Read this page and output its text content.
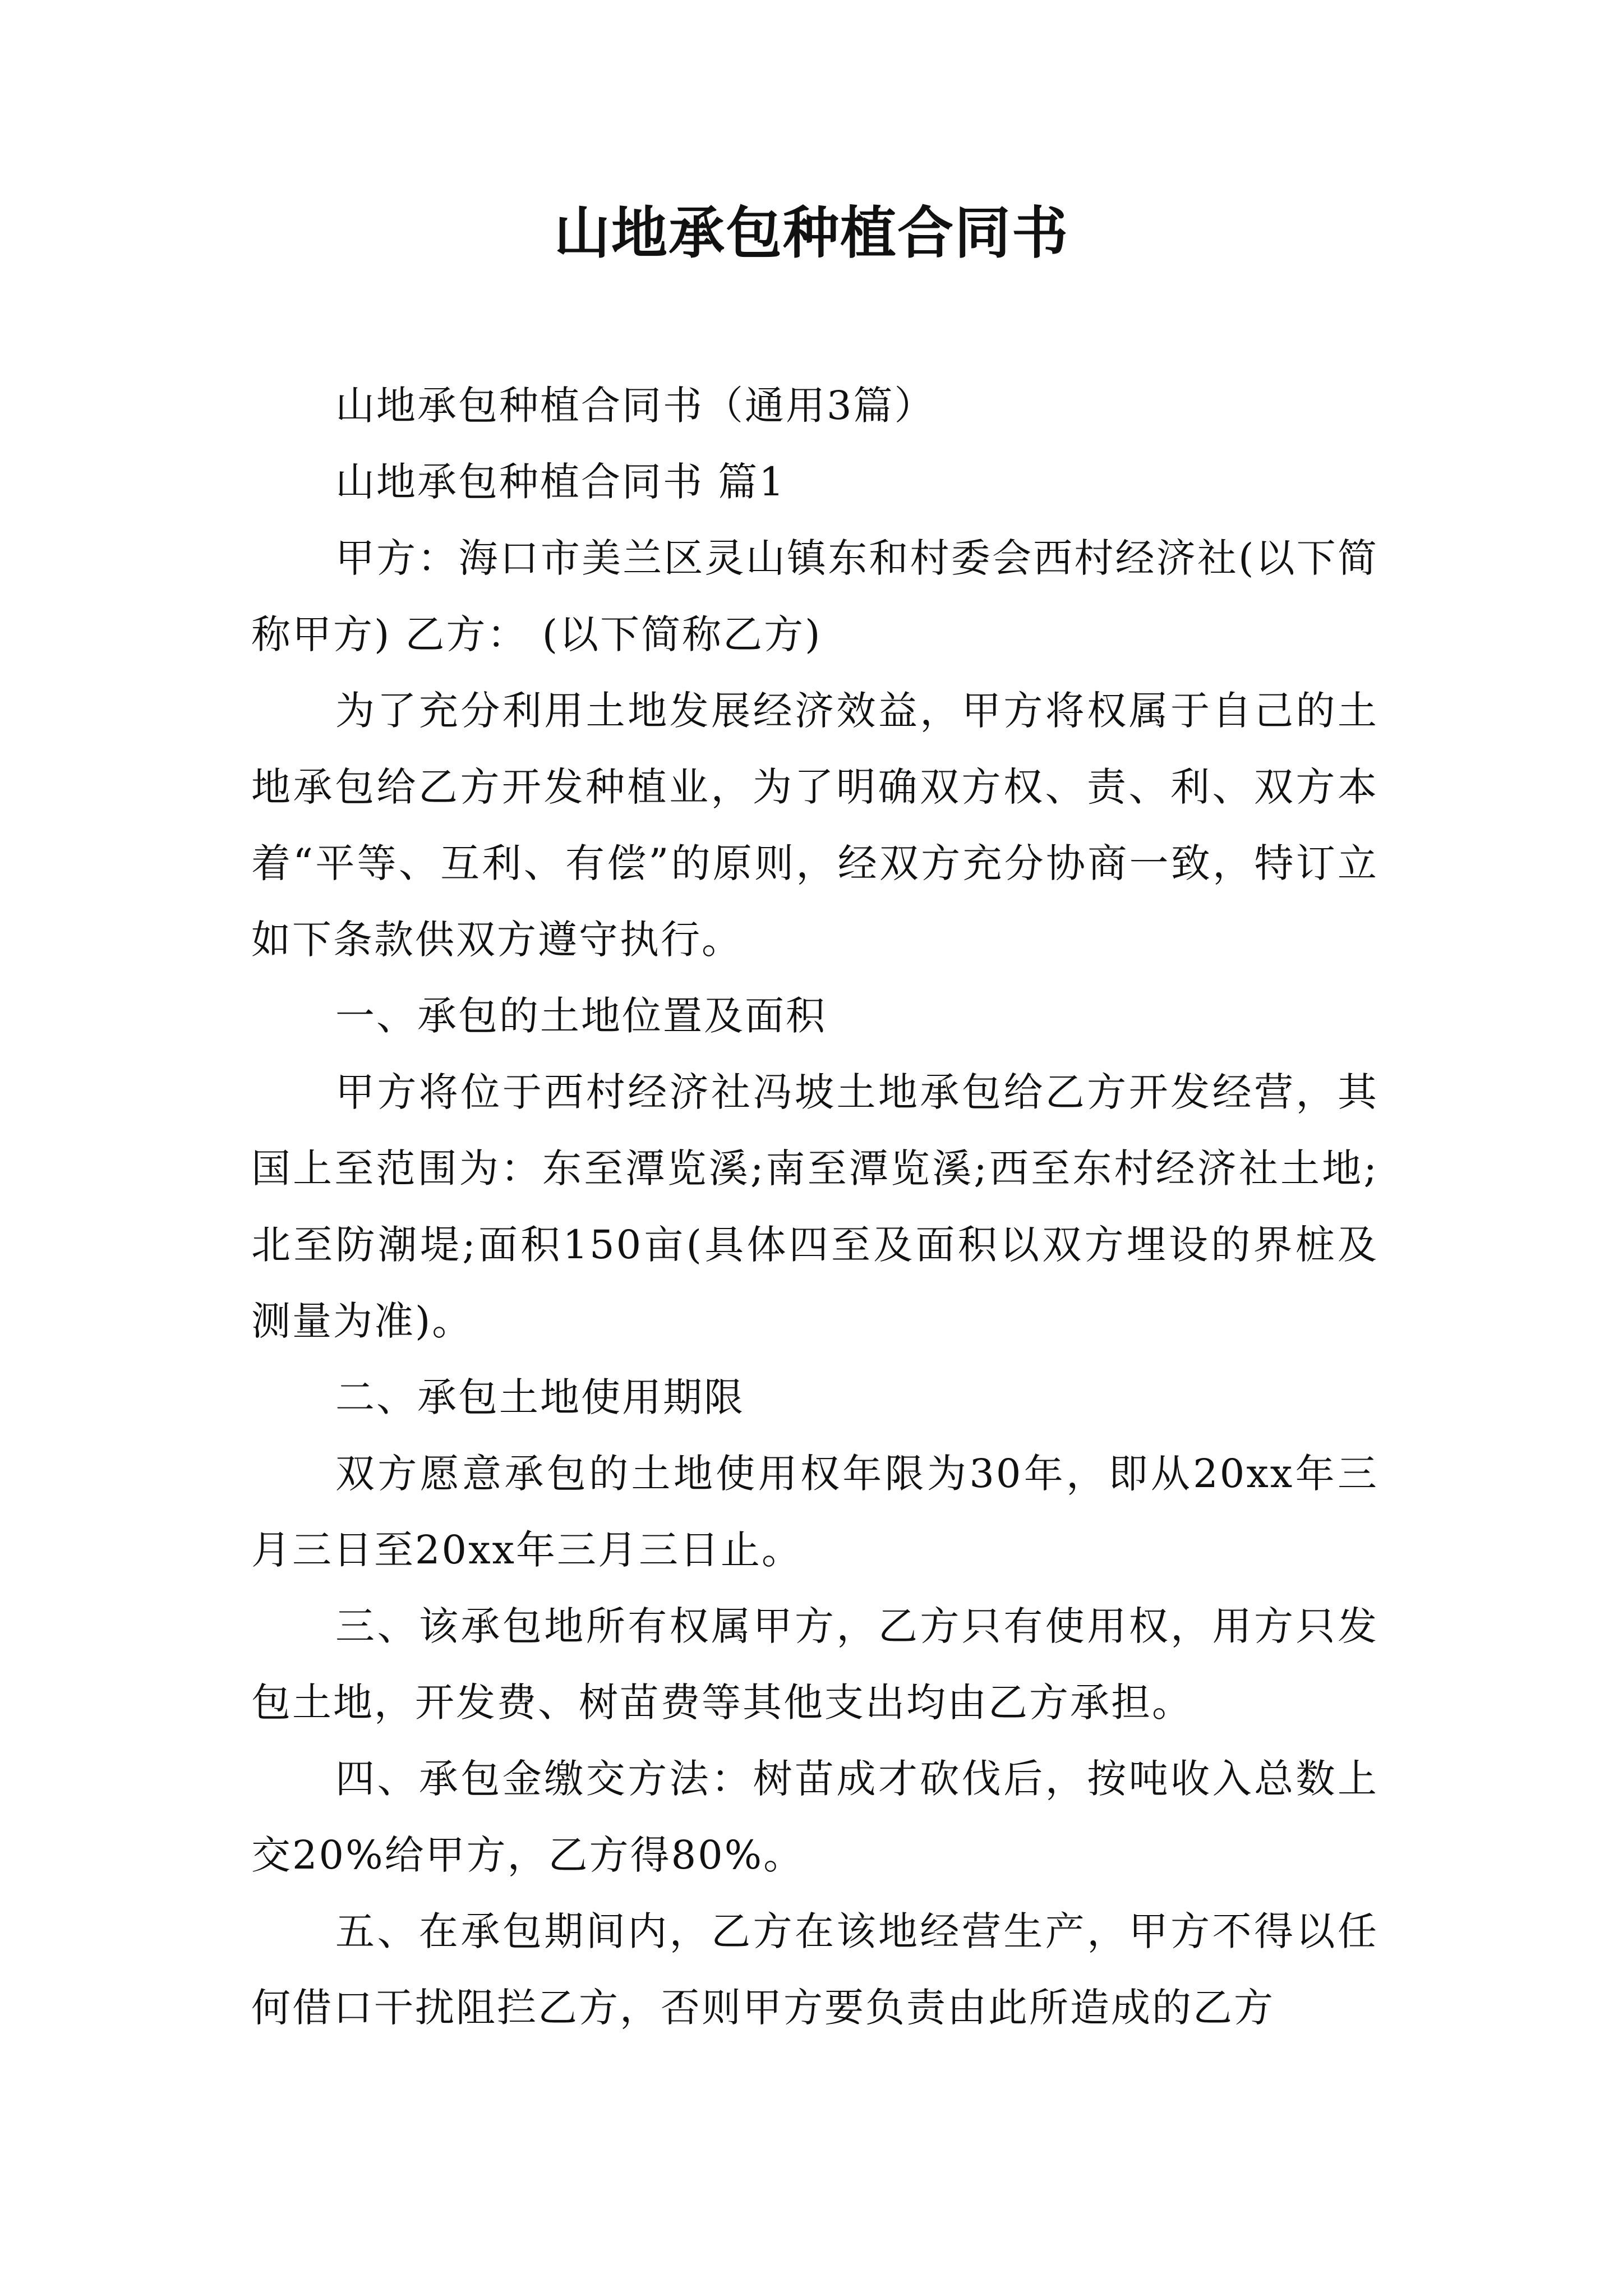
山地承包种植合同书

山地承包种植合同书（通用3篇）

山地承包种植合同书 篇1

甲方：海口市美兰区灵山镇东和村委会西村经济社(以下简称甲方) 乙方： (以下简称乙方)

为了充分利用土地发展经济效益，甲方将权属于自己的土地承包给乙方开发种植业，为了明确双方权、责、利、双方本着“平等、互利、有偿”的原则，经双方充分协商一致，特订立如下条款供双方遵守执行。

一、承包的土地位置及面积

甲方将位于西村经济社冯坡土地承包给乙方开发经营，其国上至范围为：东至潭览溪;南至潭览溪;西至东村经济社土地;北至防潮堤;面积150亩(具体四至及面积以双方埋设的界桩及测量为准)。

二、承包土地使用期限

双方愿意承包的土地使用权年限为30年，即从20xx年三月三日至20xx年三月三日止。

三、该承包地所有权属甲方，乙方只有使用权，用方只发包土地，开发费、树苗费等其他支出均由乙方承担。

四、承包金缴交方法：树苗成才砍伐后，按吨收入总数上交20%给甲方，乙方得80%。

五、在承包期间内，乙方在该地经营生产，甲方不得以任何借口干扰阻拦乙方，否则甲方要负责由此所造成的乙方
